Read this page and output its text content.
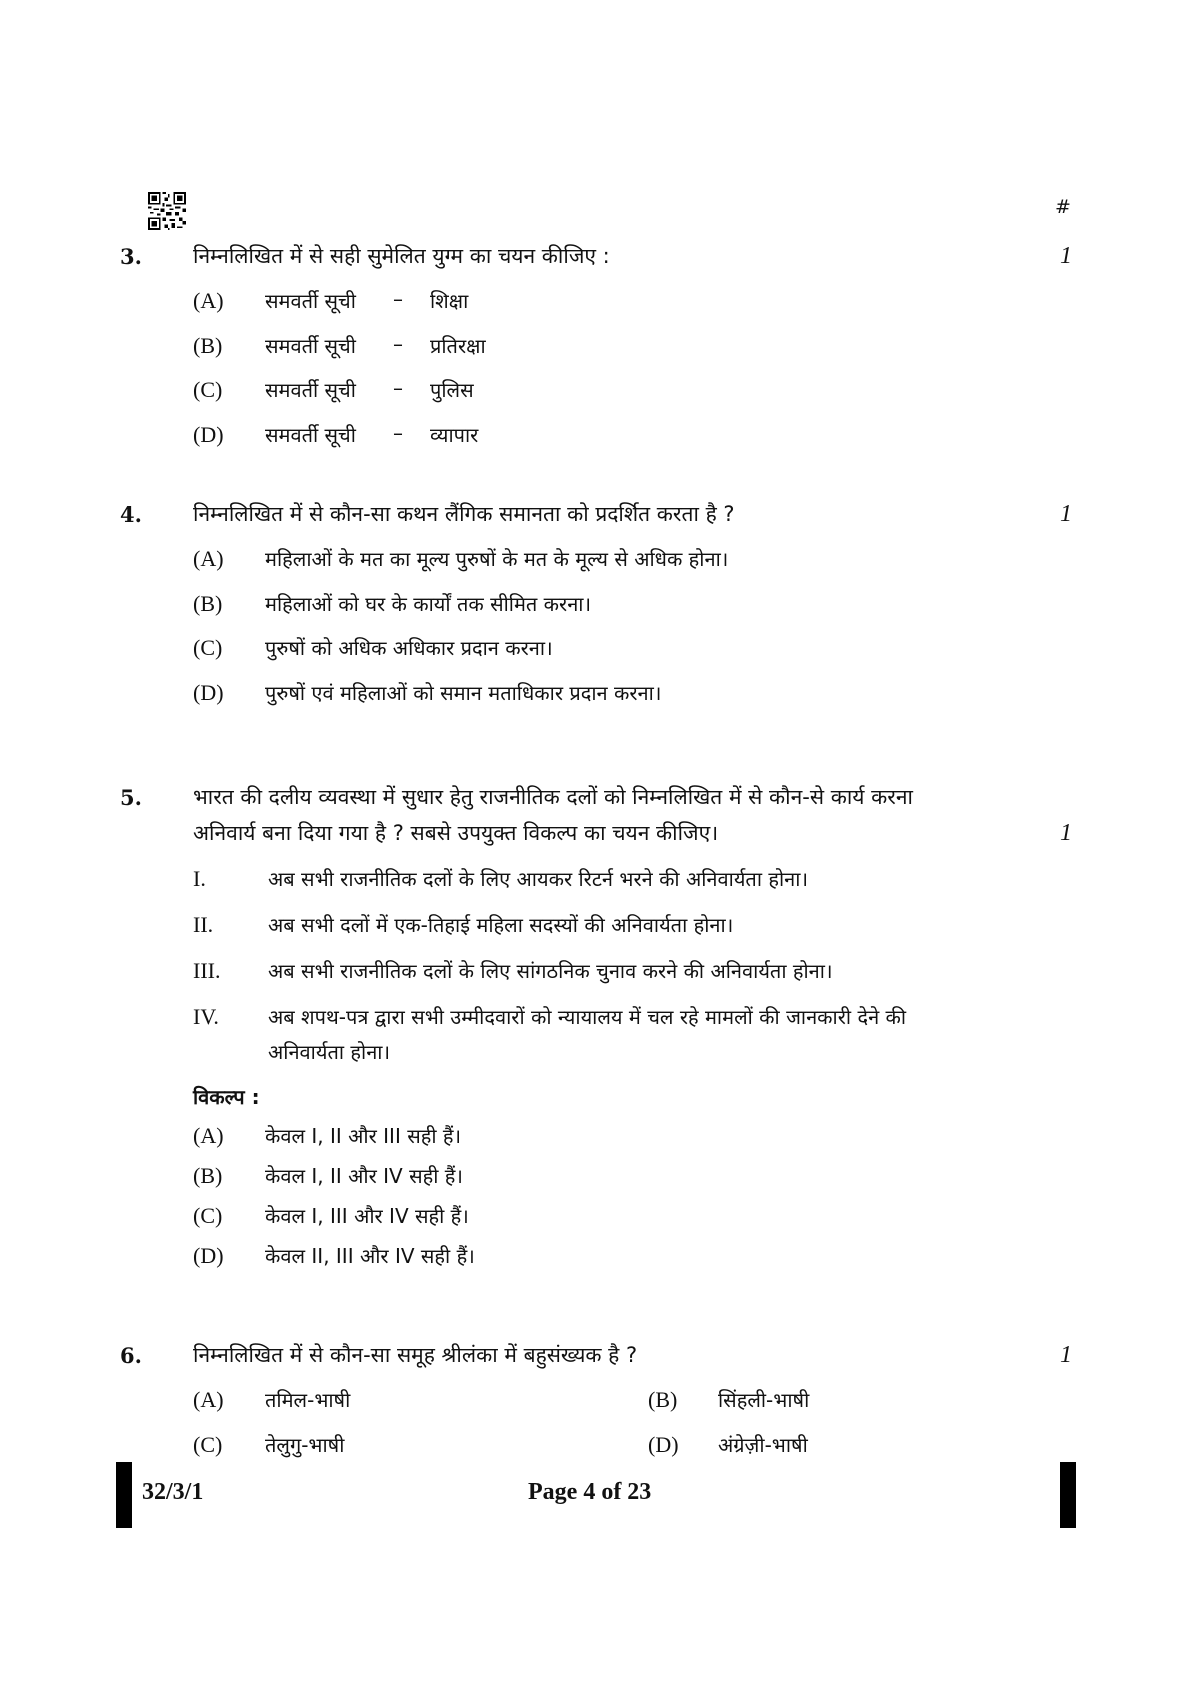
#
3. निम्नलिखित में से सही सुमेलित युग्म का चयन कीजिए :	1
(A) समवर्ती सूची – शिक्षा
(B) समवर्ती सूची – प्रतिरक्षा
(C) समवर्ती सूची – पुलिस
(D) समवर्ती सूची – व्यापार
4. निम्नलिखित में से कौन-सा कथन लैंगिक समानता को प्रदर्शित करता है ?	1
(A) महिलाओं के मत का मूल्य पुरुषों के मत के मूल्य से अधिक होना।
(B) महिलाओं को घर के कार्यों तक सीमित करना।
(C) पुरुषों को अधिक अधिकार प्रदान करना।
(D) पुरुषों एवं महिलाओं को समान मताधिकार प्रदान करना।
5. भारत की दलीय व्यवस्था में सुधार हेतु राजनीतिक दलों को निम्नलिखित में से कौन-से कार्य करना
अनिवार्य बना दिया गया है ? सबसे उपयुक्त विकल्प का चयन कीजिए।	1
I.	अब सभी राजनीतिक दलों के लिए आयकर रिटर्न भरने की अनिवार्यता होना।
II.	अब सभी दलों में एक-तिहाई महिला सदस्यों की अनिवार्यता होना।
III. अब सभी राजनीतिक दलों के लिए सांगठनिक चुनाव करने की अनिवार्यता होना।
IV. अब शपथ-पत्र द्वारा सभी उम्मीदवारों को न्यायालय में चल रहे मामलों की जानकारी देने की
अनिवार्यता होना।
विकल्प :
(A) केवल I, II और III सही हैं।
(B) केवल I, II और IV सही हैं।
(C) केवल I, III और IV सही हैं।
(D) केवल II, III और IV सही हैं।
6. निम्नलिखित में से कौन-सा समूह श्रीलंका में बहुसंख्यक है ?	1
(A) तमिल-भाषी	(B) सिंहली-भाषी
(C) तेलुगु-भाषी	(D) अंग्रेज़ी-भाषी
32/3/1	Page 4 of 23
